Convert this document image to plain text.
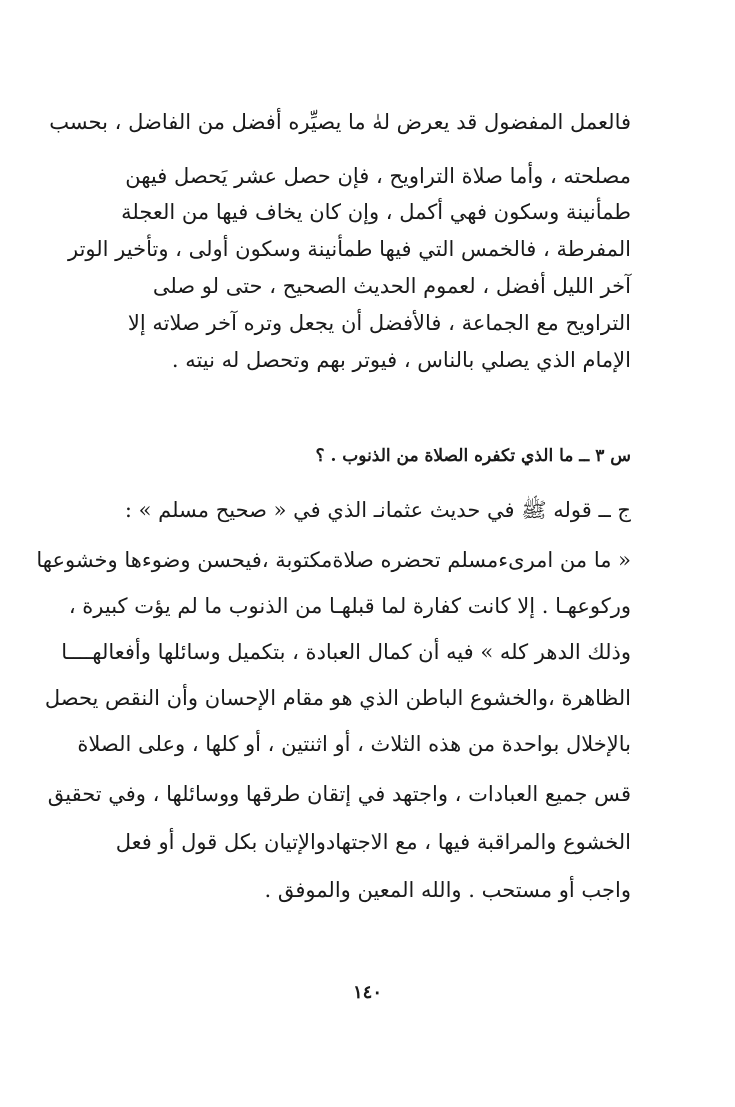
فالعمل المفضول قد يعرض لهٰ ما يصيِّره أفضل من الفاضل ، بحسب
مصلحته ، وأما صلاة التراويح ، فإن حصل عشر يَحصل فيهن
طمأنينة وسكون فهي أكمل ، وإن كان يخاف فيها من العجلة
المفرطة ، فالخمس التي فيها طمأنينة وسكون أولى ، وتأخير الوتر
آخر الليل أفضل ، لعموم الحديث الصحيح ، حتى لو صلى
التراويح مع الجماعة ، فالأفضل أن يجعل وتره آخر صلاته إلا
الإمام الذي يصلي بالناس ، فيوتر بهم وتحصل له نيته .
س ٣ ــ ما الذي تكفره الصلاة من الذنوب . ؟
ج ــ قوله ﷺ في حديث عثمانـ الذي في « صحيح مسلم » :
« ما من امرىءمسلم تحضره صلاةمكتوبة ،فيحسن وضوءها وخشوعها
وركوعهـا . إلا كانت كفارة لما قبلهـا من الذنوب ما لم يؤت كبيرة ،
وذلك الدهر كله » فيه أن كمال العبادة ، بتكميل وسائلها وأفعالهــــا
الظاهرة ،والخشوع الباطن الذي هو مقام الإحسان وأن النقص يحصل
بالإخلال بواحدة من هذه الثلاث ، أو اثنتين ، أو كلها ، وعلى الصلاة
قس جميع العبادات ، واجتهد في إتقان طرقها ووسائلها ، وفي تحقيق
الخشوع والمراقبة فيها ، مع الاجتهادوالإتيان بكل قول أو فعل
واجب أو مستحب . والله المعين والموفق .
١٤٠
